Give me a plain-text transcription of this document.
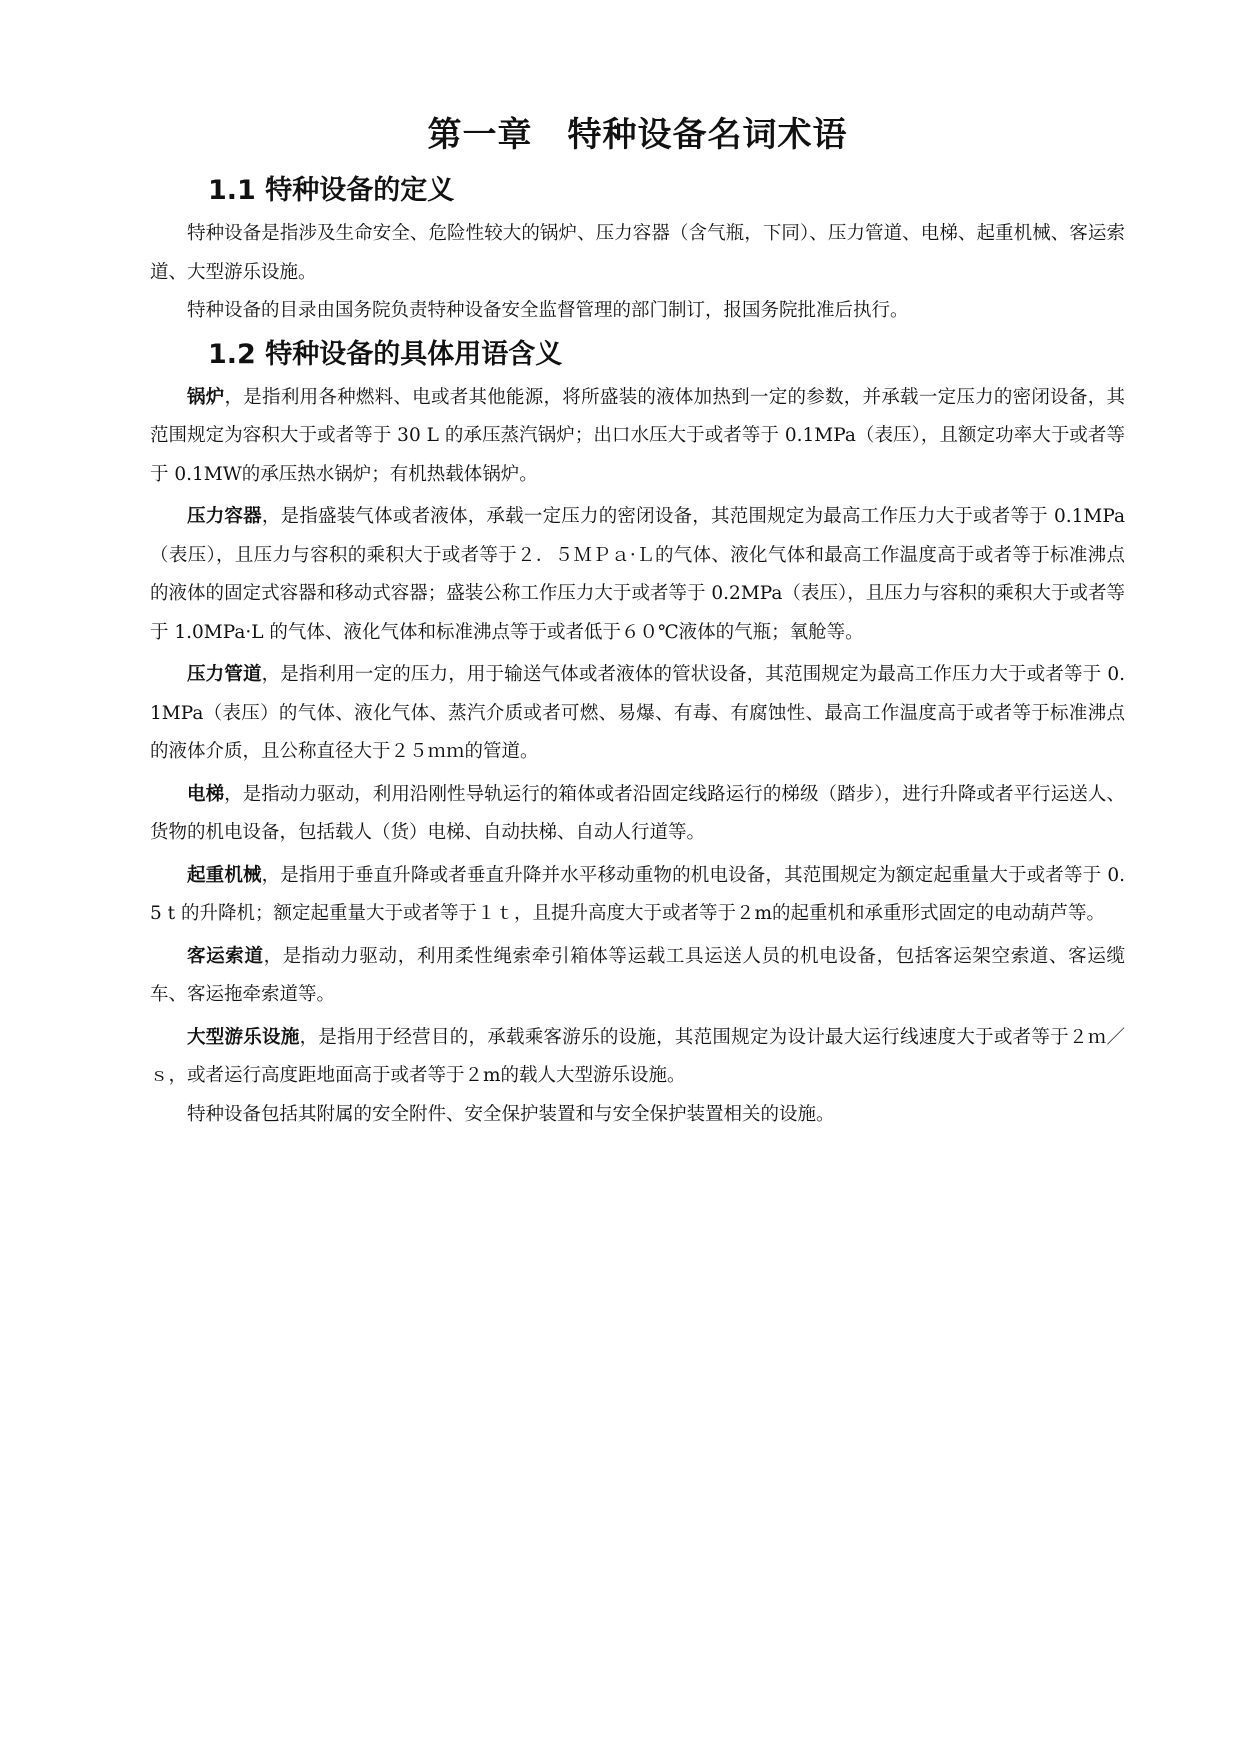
第一章　特种设备名词术语
1.1 特种设备的定义

特种设备是指涉及生命安全、危险性较大的锅炉、压力容器（含气瓶，下同）、压力管道、电梯、起重机械、客运索道、大型游乐设施。

特种设备的目录由国务院负责特种设备安全监督管理的部门制订，报国务院批准后执行。

1.2 特种设备的具体用语含义

锅炉，是指利用各种燃料、电或者其他能源，将所盛装的液体加热到一定的参数，并承载一定压力的密闭设备，其范围规定为容积大于或者等于 30 L 的承压蒸汽锅炉；出口水压大于或者等于 0.1MPa（表压），且额定功率大于或者等于 0.1MW的承压热水锅炉；有机热载体锅炉。

压力容器，是指盛装气体或者液体，承载一定压力的密闭设备，其范围规定为最高工作压力大于或者等于 0.1MPa（表压），且压力与容积的乘积大于或者等于２．５ＭＰａ·Ｌ的气体、液化气体和最高工作温度高于或者等于标准沸点的液体的固定式容器和移动式容器；盛装公称工作压力大于或者等于 0.2MPa（表压），且压力与容积的乘积大于或者等于 1.0MPa·L 的气体、液化气体和标准沸点等于或者低于６０℃液体的气瓶；氧舱等。

压力管道，是指利用一定的压力，用于输送气体或者液体的管状设备，其范围规定为最高工作压力大于或者等于 0.1MPa（表压）的气体、液化气体、蒸汽介质或者可燃、易爆、有毒、有腐蚀性、最高工作温度高于或者等于标准沸点的液体介质，且公称直径大于２５ｍｍ的管道。

电梯，是指动力驱动，利用沿刚性导轨运行的箱体或者沿固定线路运行的梯级（踏步），进行升降或者平行运送人、货物的机电设备，包括载人（货）电梯、自动扶梯、自动人行道等。

起重机械，是指用于垂直升降或者垂直升降并水平移动重物的机电设备，其范围规定为额定起重量大于或者等于 0.5 t 的升降机；额定起重量大于或者等于１ｔ，且提升高度大于或者等于２m的起重机和承重形式固定的电动葫芦等。

客运索道，是指动力驱动，利用柔性绳索牵引箱体等运载工具运送人员的机电设备，包括客运架空索道、客运缆车、客运拖牵索道等。

大型游乐设施，是指用于经营目的，承载乘客游乐的设施，其范围规定为设计最大运行线速度大于或者等于２ｍ／ｓ，或者运行高度距地面高于或者等于２m的载人大型游乐设施。

特种设备包括其附属的安全附件、安全保护装置和与安全保护装置相关的设施。
